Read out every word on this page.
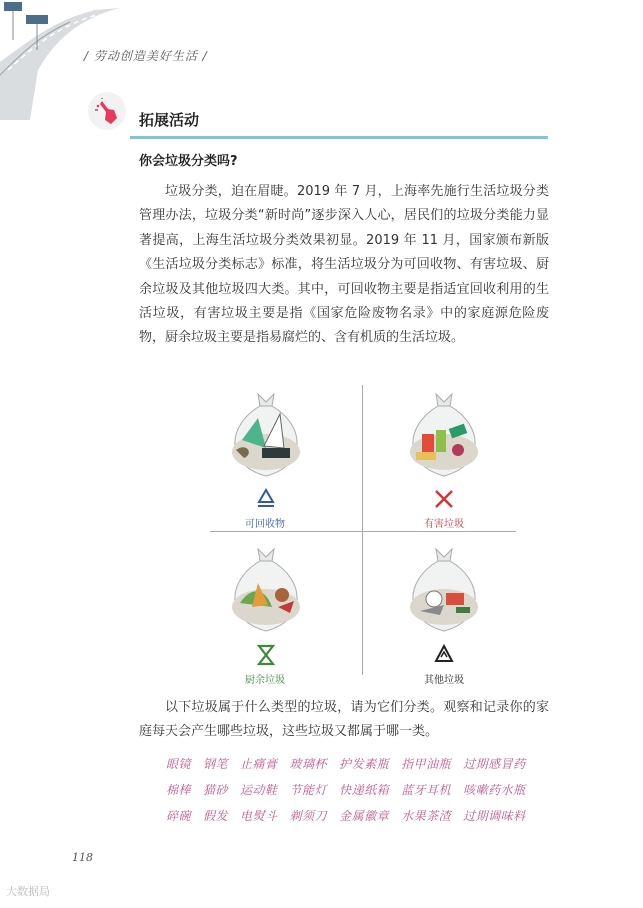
/ 劳动创造美好生活 /
拓展活动
你会垃圾分类吗?
垃圾分类，迫在眉睫。2019 年 7 月，上海率先施行生活垃圾分类管理办法，垃圾分类“新时尚”逐步深入人心，居民们的垃圾分类能力显著提高，上海生活垃圾分类效果初显。2019 年 11 月，国家颁布新版《生活垃圾分类标志》标准，将生活垃圾分为可回收物、有害垃圾、厨余垃圾及其他垃圾四大类。其中，可回收物主要是指适宜回收利用的生活垃圾，有害垃圾主要是指《国家危险废物名录》中的家庭源危险废物，厨余垃圾主要是指易腐烂的、含有机质的生活垃圾。
可回收物	有害垃圾
厨余垃圾	其他垃圾
以下垃圾属于什么类型的垃圾，请为它们分类。观察和记录你的家庭每天会产生哪些垃圾，这些垃圾又都属于哪一类。
眼镜 钢笔 止痛膏 玻璃杯 护发素瓶 指甲油瓶 过期感冒药
棉棒 猫砂 运动鞋 节能灯 快递纸箱 蓝牙耳机 咳嗽药水瓶
碎碗 假发 电熨斗 剃须刀 金属徽章 水果茶渣 过期调味料
118
大数据局
